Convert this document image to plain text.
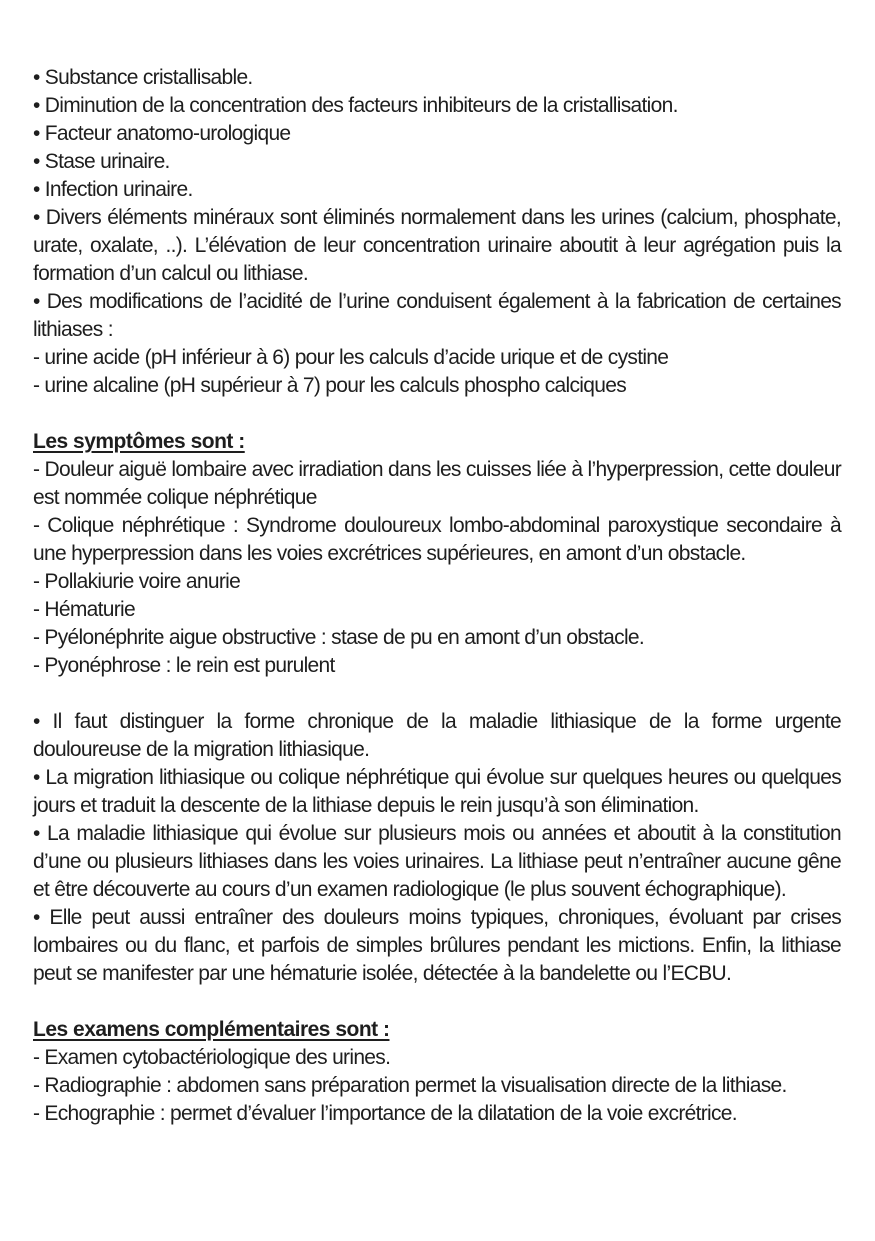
• Substance cristallisable.

• Diminution de la concentration des facteurs inhibiteurs de la cristallisation.

• Facteur anatomo-urologique

• Stase urinaire.

• Infection urinaire.

• Divers éléments minéraux sont éliminés normalement dans les urines (calcium, phosphate, urate, oxalate, ..). L’élévation de leur concentration urinaire aboutit à leur agrégation puis la formation d’un calcul ou lithiase.

• Des modifications de l’acidité de l’urine conduisent également à la fabrication de certaines lithiases :

- urine acide (pH inférieur à 6) pour les calculs d’acide urique et de cystine

- urine alcaline (pH supérieur à 7) pour les calculs phospho calciques

Les symptômes sont :

- Douleur aiguë lombaire avec irradiation dans les cuisses liée à l’hyperpression, cette douleur est nommée colique néphrétique

- Colique néphrétique : Syndrome douloureux lombo-abdominal paroxystique secondaire à une hyperpression dans les voies excrétrices supérieures, en amont d’un obstacle.

- Pollakiurie voire anurie

- Hématurie

- Pyélonéphrite aigue obstructive : stase de pu en amont d’un obstacle.

- Pyonéphrose : le rein est purulent

• Il faut distinguer la forme chronique de la maladie lithiasique de la forme urgente douloureuse de la migration lithiasique.

• La migration lithiasique ou colique néphrétique qui évolue sur quelques heures ou quelques jours et traduit la descente de la lithiase depuis le rein jusqu’à son élimination.

• La maladie lithiasique qui évolue sur plusieurs mois ou années et aboutit à la constitution d’une ou plusieurs lithiases dans les voies urinaires. La lithiase peut n’entraîner aucune gêne et être découverte au cours d’un examen radiologique (le plus souvent échographique).

• Elle peut aussi entraîner des douleurs moins typiques, chroniques, évoluant par crises lombaires ou du flanc, et parfois de simples brûlures pendant les mictions. Enfin, la lithiase peut se manifester par une hématurie isolée, détectée à la bandelette ou l’ECBU.

Les examens complémentaires sont :

- Examen cytobactériologique des urines.

- Radiographie : abdomen sans préparation permet la visualisation directe de la lithiase.

- Echographie : permet d’évaluer l’importance de la dilatation de la voie excrétrice.
